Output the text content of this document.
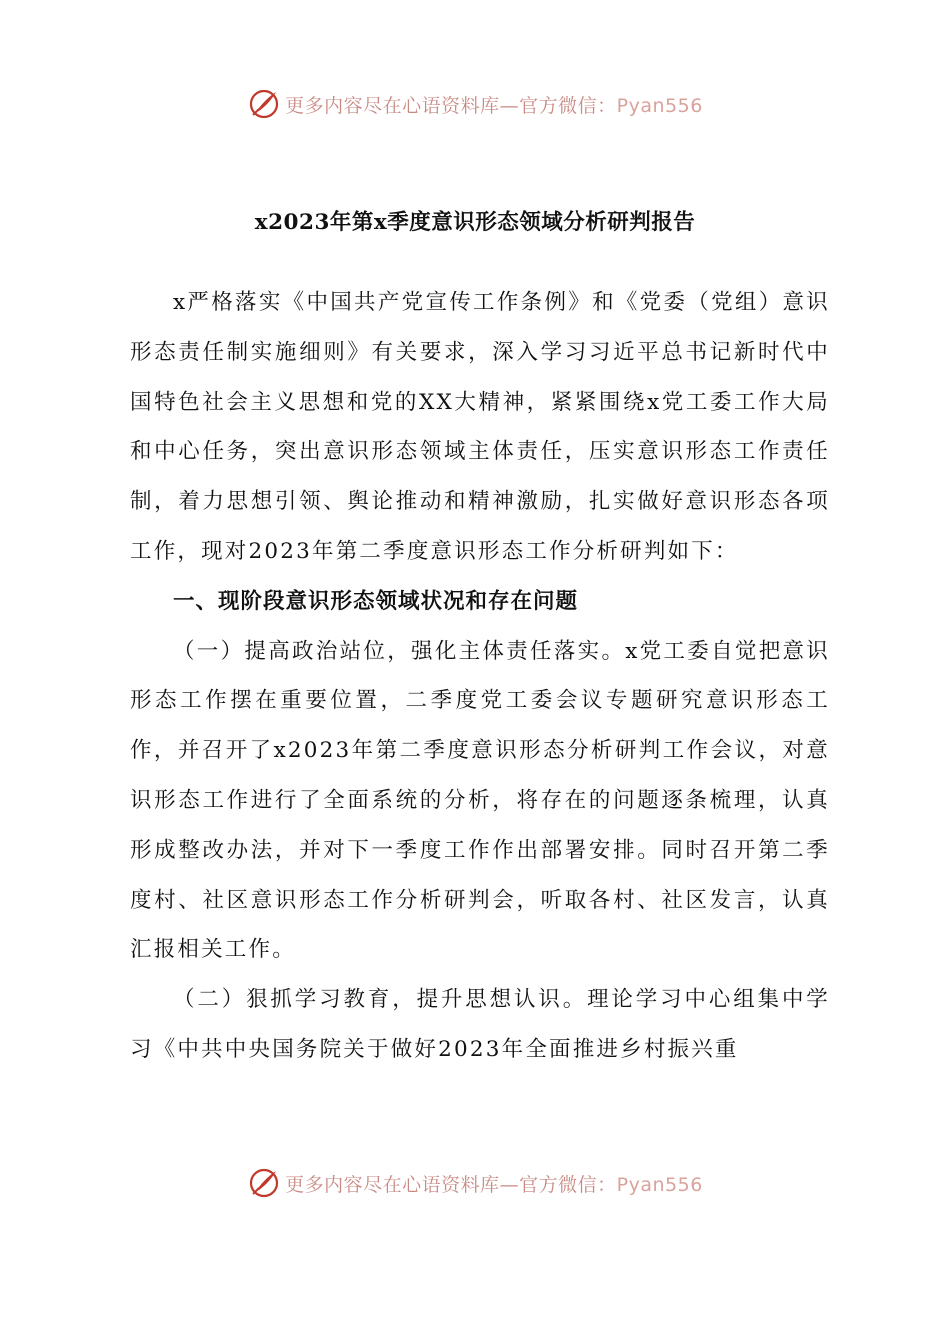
更多内容尽在心语资料库—官方微信：Pyan556
x2023年第x季度意识形态领域分析研判报告

x严格落实《中国共产党宣传工作条例》和《党委（党组）意识形态责任制实施细则》有关要求，深入学习习近平总书记新时代中国特色社会主义思想和党的XX大精神，紧紧围绕x党工委工作大局和中心任务，突出意识形态领域主体责任，压实意识形态工作责任制，着力思想引领、舆论推动和精神激励，扎实做好意识形态各项工作，现对2023年第二季度意识形态工作分析研判如下：

一、现阶段意识形态领域状况和存在问题

（一）提高政治站位，强化主体责任落实。x党工委自觉把意识形态工作摆在重要位置，二季度党工委会议专题研究意识形态工作，并召开了x2023年第二季度意识形态分析研判工作会议，对意识形态工作进行了全面系统的分析，将存在的问题逐条梳理，认真形成整改办法，并对下一季度工作作出部署安排。同时召开第二季度村、社区意识形态工作分析研判会，听取各村、社区发言，认真汇报相关工作。

（二）狠抓学习教育，提升思想认识。理论学习中心组集中学习《中共中央国务院关于做好2023年全面推进乡村振兴重

更多内容尽在心语资料库—官方微信：Pyan556
